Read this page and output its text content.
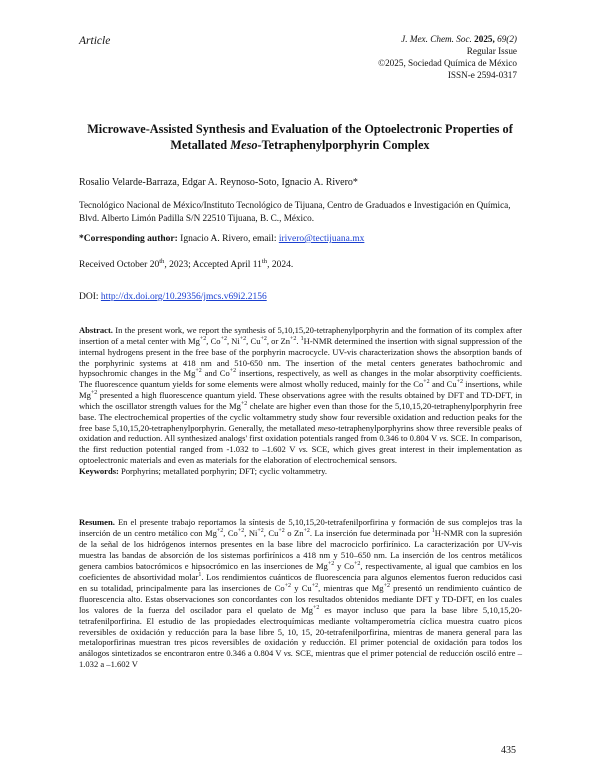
Article	J. Mex. Chem. Soc. 2025, 69(2)
Regular Issue
©2025, Sociedad Química de México
ISSN-e 2594-0317
Microwave-Assisted Synthesis and Evaluation of the Optoelectronic Properties of Metallated Meso-Tetraphenylporphyrin Complex
Rosalio Velarde-Barraza, Edgar A. Reynoso-Soto, Ignacio A. Rivero*
Tecnológico Nacional de México/Instituto Tecnológico de Tijuana, Centro de Graduados e Investigación en Química, Blvd. Alberto Limón Padilla S/N 22510 Tijuana, B. C., México.
*Corresponding author: Ignacio A. Rivero, email: irivero@tectijuana.mx
Received October 20th, 2023; Accepted April 11th, 2024.
DOI: http://dx.doi.org/10.29356/jmcs.v69i2.2156
Abstract. In the present work, we report the synthesis of 5,10,15,20-tetraphenylporphyrin and the formation of its complex after insertion of a metal center with $Mg^{+2}$, $Co^{+2}$, $Ni^{+2}$, $Cu^{+2}$, or $Zn^{+2}$. $^1$H-NMR determined the insertion with signal suppression of the internal hydrogens present in the free base of the porphyrin macrocycle. UV-vis characterization shows the absorption bands of the porphyrinic systems at 418 nm and 510-650 nm. The insertion of the metal centers generates bathochromic and hypsochromic changes in the $Mg^{+2}$ and $Co^{+2}$ insertions, respectively, as well as changes in the molar absorptivity coefficients. The fluorescence quantum yields for some elements were almost wholly reduced, mainly for the $Co^{+2}$ and $Cu^{+2}$ insertions, while $Mg^{+2}$ presented a high fluorescence quantum yield. These observations agree with the results obtained by DFT and TD-DFT, in which the oscillator strength values for the $Mg^{+2}$ chelate are higher even than those for the 5,10,15,20-tetraphenylporphyrin free base. The electrochemical properties of the cyclic voltammetry study show four reversible oxidation and reduction peaks for the free base 5,10,15,20-tetraphenylporphyrin. Generally, the metallated meso-tetraphenylporphyrins show three reversible peaks of oxidation and reduction. All synthesized analogs' first oxidation potentials ranged from 0.346 to 0.804 V vs. SCE. In comparison, the first reduction potential ranged from -1.032 to –1.602 V vs. SCE, which gives great interest in their implementation as optoelectronic materials and even as materials for the elaboration of electrochemical sensors.
Keywords: Porphyrins; metallated porphyrin; DFT; cyclic voltammetry.
Resumen. En el presente trabajo reportamos la síntesis de 5,10,15,20-tetrafenilporfirina y formación de sus complejos tras la inserción de un centro metálico con $Mg^{+2}$, $Co^{+2}$, $Ni^{+2}$, $Cu^{+2}$ o $Zn^{+2}$. La inserción fue determinada por $^1$H-NMR con la supresión de la señal de los hidrógenos internos presentes en la base libre del macrociclo porfirínico. La caracterización por UV-vis muestra las bandas de absorción de los sistemas porfirínicos a 418 nm y 510–650 nm. La inserción de los centros metálicos genera cambios batocrómicos e hipsocrómico en las inserciones de $Mg^{+2}$ y $Co^{+2}$, respectivamente, al igual que cambios en los coeficientes de absortividad molar$^1$. Los rendimientos cuánticos de fluorescencia para algunos elementos fueron reducidos casi en su totalidad, principalmente para las inserciones de $Co^{+2}$ y $Cu^{+2}$, mientras que $Mg^{+2}$ presentó un rendimiento cuántico de fluorescencia alto. Estas observaciones son concordantes con los resultados obtenidos mediante DFT y TD-DFT, en los cuales los valores de la fuerza del oscilador para el quelato de $Mg^{+2}$ es mayor incluso que para la base libre 5,10,15,20-tetrafenilporfirina. El estudio de las propiedades electroquímicas mediante voltamperometría cíclica muestra cuatro picos reversibles de oxidación y reducción para la base libre 5, 10, 15, 20-tetrafenilporfirina, mientras de manera general para las metaloporfirinas muestran tres picos reversibles de oxidación y reducción. El primer potencial de oxidación para todos los análogos sintetizados se encontraron entre 0.346 a 0.804 V vs. SCE, mientras que el primer potencial de reducción osciló entre –1.032 a –1.602 V
435
